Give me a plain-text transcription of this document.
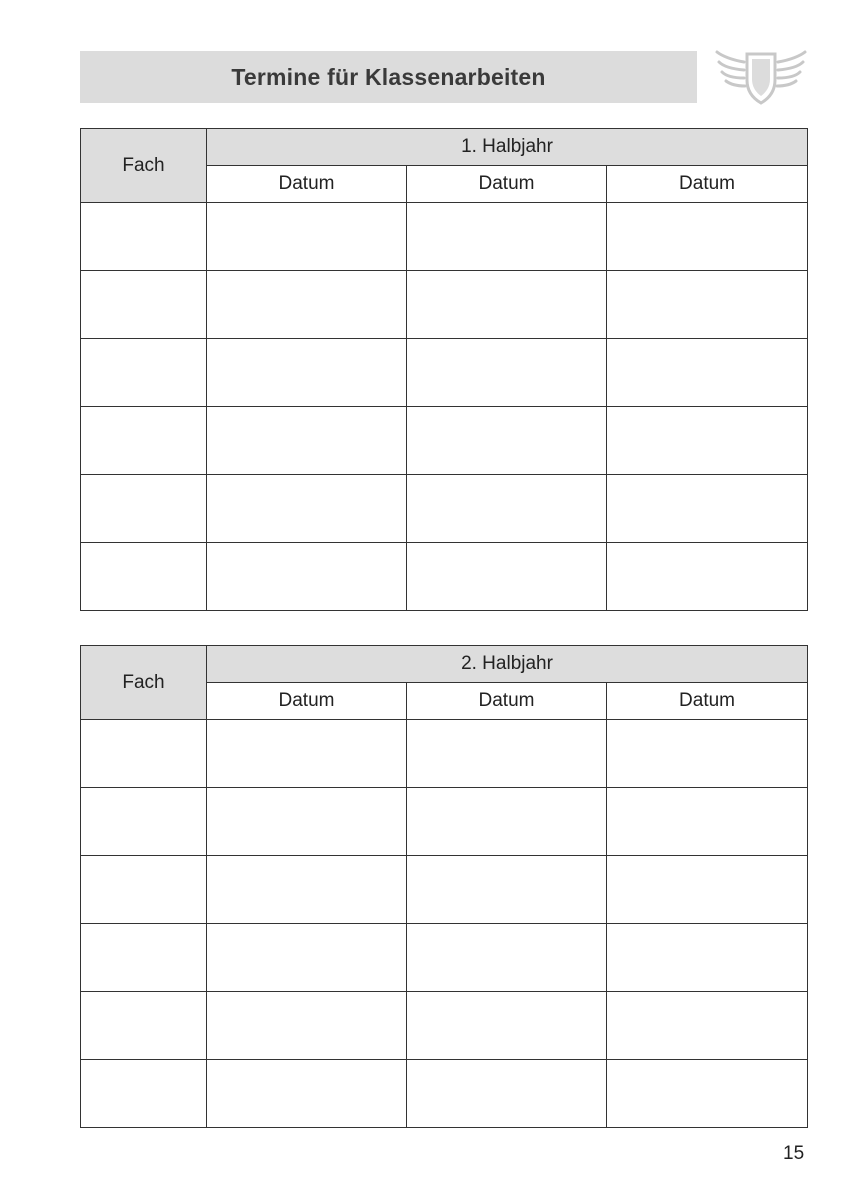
Termine für Klassenarbeiten
Fach	1. Halbjahr		
	Datum	Datum	Datum

Fach	2. Halbjahr		
	Datum	Datum	Datum

15
